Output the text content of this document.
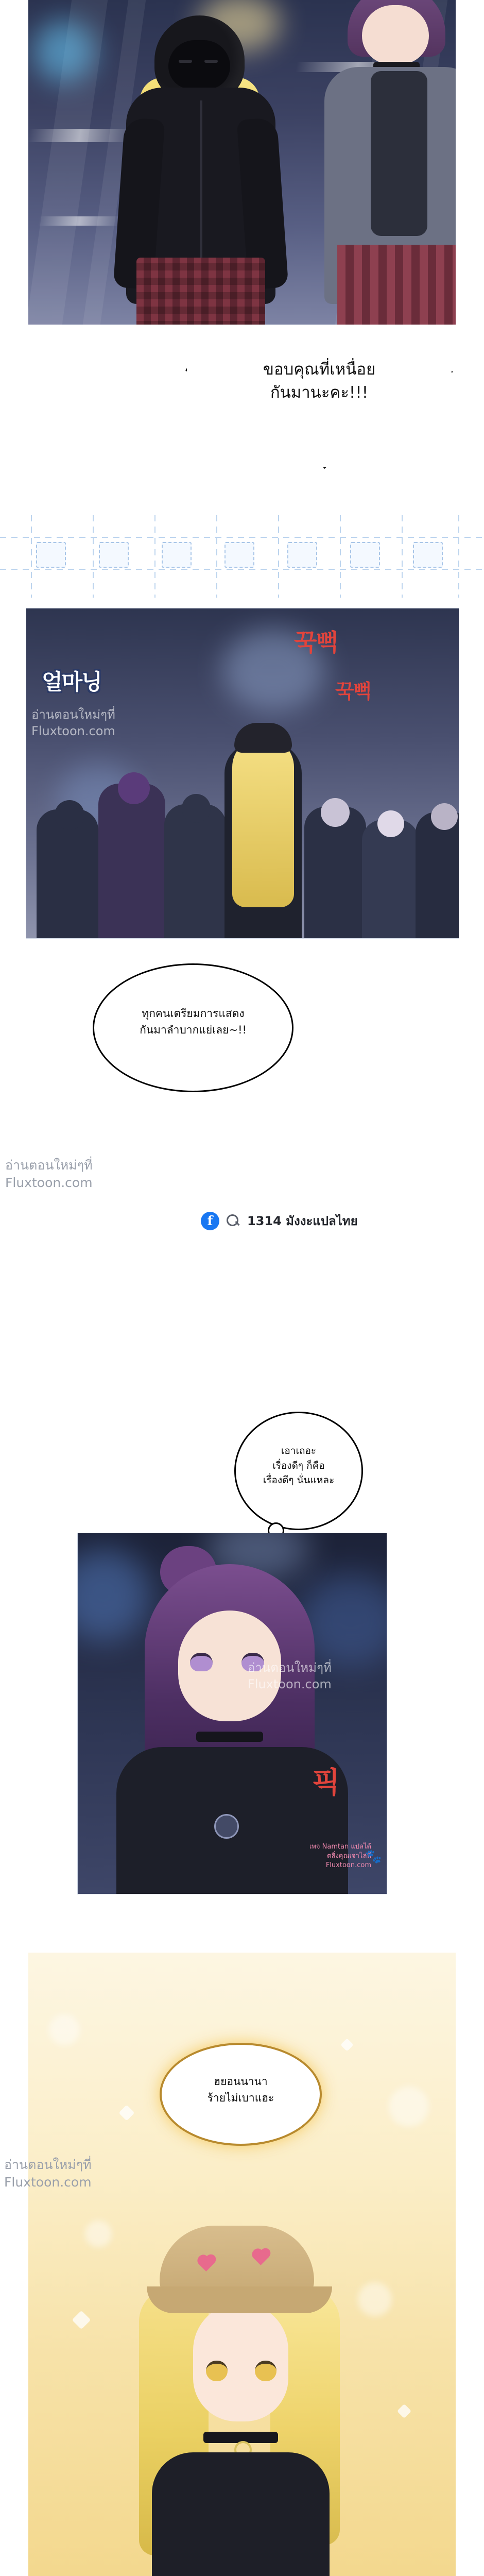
ขอบคุณที่เหนื่อย
กันมานะคะ!!!
얼마닝
꾹뻑
꾹뻑
อ่านตอนใหม่ๆที่
Fluxtoon.com
ทุกคนเตรียมการแสดง
กันมาลำบากแย่เลย~!!
อ่านตอนใหม่ๆที่
Fluxtoon.com
f	1314 มังงะแปลไทย
เอาเถอะ
เรื่องดีๆ ก็คือ
เรื่องดีๆ นั่นแหละ
픽
อ่านตอนใหม่ๆที่
Fluxtoon.com
เพจ Namtan แปลได้
ตลิ่งคุณเจาไล่ที่
Fluxtoon.com
🐾
ฮยอนนานา
ร้ายไม่เบาแฮะ
อ่านตอนใหม่ๆที่
Fluxtoon.com
